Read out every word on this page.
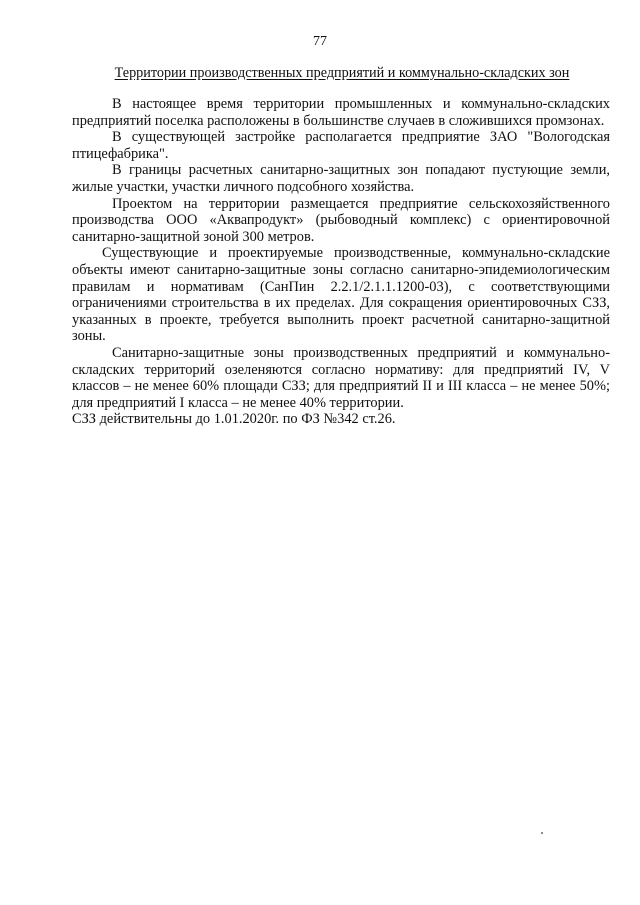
77

Территории производственных предприятий и коммунально-складских зон

В настоящее время территории промышленных и коммунально-складских предприятий поселка расположены в большинстве случаев в сложившихся промзонах.

В существующей застройке располагается предприятие ЗАО "Вологодская птицефабрика".

В границы расчетных санитарно-защитных зон попадают пустующие земли, жилые участки, участки личного подсобного хозяйства.

Проектом на территории размещается предприятие сельскохозяйственного производства ООО «Аквапродукт» (рыбоводный комплекс) с ориентировочной санитарно-защитной зоной 300 метров.

Существующие и проектируемые производственные, коммунально-складские объекты имеют санитарно-защитные зоны согласно санитарно-эпидемиологическим правилам и нормативам (СанПин 2.2.1/2.1.1.1200-03), с соответствующими ограничениями строительства в их пределах. Для сокращения ориентировочных СЗЗ, указанных в проекте, требуется выполнить проект расчетной санитарно-защитной зоны.

Санитарно-защитные зоны производственных предприятий и коммунально-складских территорий озеленяются согласно нормативу: для предприятий IV, V классов – не менее 60% площади СЗЗ; для предприятий II и III класса – не менее 50%; для предприятий I класса – не менее 40% территории.

СЗЗ действительны до 1.01.2020г. по ФЗ №342 ст.26.
